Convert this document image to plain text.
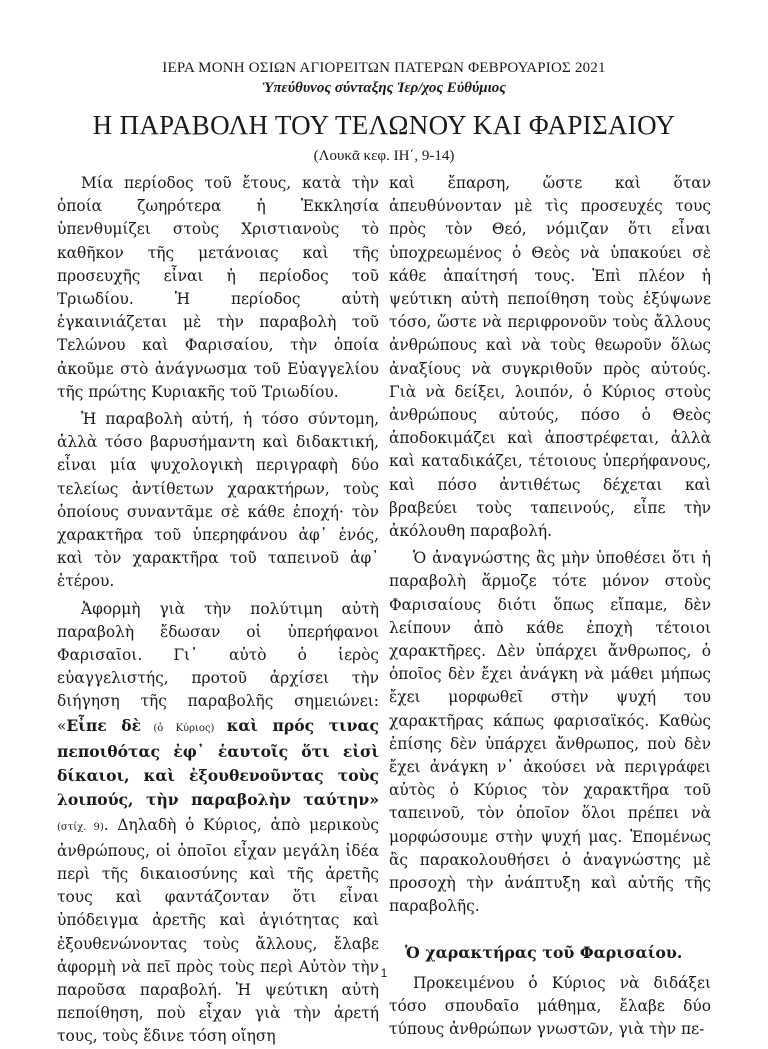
ΙΕΡΑ ΜΟΝΗ ΟΣΙΩΝ ΑΓΙΟΡΕΙΤΩΝ ΠΑΤΕΡΩΝ ΦΕΒΡΟΥΑΡΙΟΣ 2021
Ὑπεύθυνος σύνταξης Ἱερ/χος Εὐθύμιος
Η ΠΑΡΑΒΟΛΗ ΤΟΥ ΤΕΛΩΝΟΥ ΚΑΙ ΦΑΡΙΣΑΙΟΥ
(Λουκᾶ κεφ. ΙΗ΄, 9-14)

Μία περίοδος τοῦ ἔτους, κατὰ τὴν ὁποία ζωηρότερα ἡ Ἐκκλησία ὑπενθυμίζει στοὺς Χριστιανοὺς τὸ καθῆκον τῆς μετάνοιας καὶ τῆς προσευχῆς εἶναι ἡ περίοδος τοῦ Τριωδίου. Ἡ περίοδος αὐτὴ ἐγκαινιάζεται μὲ τὴν παραβολὴ τοῦ Τελώνου καὶ Φαρισαίου, τὴν ὁποία ἀκοῦμε στὸ ἀνάγνωσμα τοῦ Εὐαγγελίου τῆς πρώτης Κυριακῆς τοῦ Τριωδίου.

Ἡ παραβολὴ αὐτή, ἡ τόσο σύντομη, ἀλλὰ τόσο βαρυσήμαντη καὶ διδακτική, εἶναι μία ψυχολογικὴ περιγραφὴ δύο τελείως ἀντίθετων χαρακτήρων, τοὺς ὁποίους συναντᾶμε σὲ κάθε ἐποχή· τὸν χαρακτῆρα τοῦ ὑπερηφάνου ἀφ᾽ ἑνός, καὶ τὸν χαρακτῆρα τοῦ ταπεινοῦ ἀφ᾽ ἑτέρου.

Ἀφορμὴ γιὰ τὴν πολύτιμη αὐτὴ παραβολὴ ἔδωσαν οἱ ὑπερήφανοι Φαρισαῖοι. Γι᾽ αὐτὸ ὁ ἱερὸς εὐαγγελιστής, προτοῦ ἀρχίσει τὴν διήγηση τῆς παραβολῆς σημειώνει: «Εἶπε δὲ (ὁ Κύριος) καὶ πρός τινας πεποιθότας ἐφ᾽ ἑαυτοῖς ὅτι εἰσὶ δίκαιοι, καὶ ἐξουθενοῦντας τοὺς λοιπούς, τὴν παραβολὴν ταύτην» (στίχ. 9). Δηλαδὴ ὁ Κύριος, ἀπὸ μερικοὺς ἀνθρώπους, οἱ ὁποῖοι εἶχαν μεγάλη ἰδέα περὶ τῆς δικαιοσύνης καὶ τῆς ἀρετῆς τους καὶ φαντάζονταν ὅτι εἶναι ὑπόδειγμα ἀρετῆς καὶ ἁγιότητας καὶ ἐξουθενώνοντας τοὺς ἄλλους, ἔλαβε ἀφορμὴ νὰ πεῖ πρὸς τοὺς περὶ Αὐτὸν τὴν παροῦσα παραβολή. Ἡ ψεύτικη αὐτὴ πεποίθηση, ποὺ εἶχαν γιὰ τὴν ἀρετή τους, τοὺς ἔδινε τόση οἴηση

καὶ ἔπαρση, ὥστε καὶ ὅταν ἀπευθύνονταν μὲ τὶς προσευχές τους πρὸς τὸν Θεό, νόμιζαν ὅτι εἶναι ὑποχρεωμένος ὁ Θεὸς νὰ ὑπακούει σὲ κάθε ἀπαίτησή τους. Ἐπὶ πλέον ἡ ψεύτικη αὐτὴ πεποίθηση τοὺς ἐξύψωνε τόσο, ὥστε νὰ περιφρονοῦν τοὺς ἄλλους ἀνθρώπους καὶ νὰ τοὺς θεωροῦν ὅλως ἀναξίους νὰ συγκριθοῦν πρὸς αὐτούς. Γιὰ νὰ δείξει, λοιπόν, ὁ Κύριος στοὺς ἀνθρώπους αὐτούς, πόσο ὁ Θεὸς ἀποδοκιμάζει καὶ ἀποστρέφεται, ἀλλὰ καὶ καταδικάζει, τέτοιους ὑπερήφανους, καὶ πόσο ἀντιθέτως δέχεται καὶ βραβεύει τοὺς ταπεινούς, εἶπε τὴν ἀκόλουθη παραβολή.

Ὁ ἀναγνώστης ἂς μὴν ὑποθέσει ὅτι ἡ παραβολὴ ἅρμοζε τότε μόνον στοὺς Φαρισαίους διότι ὅπως εἴπαμε, δὲν λείπουν ἀπὸ κάθε ἐποχὴ τέτοιοι χαρακτῆρες. Δὲν ὑπάρχει ἄνθρωπος, ὁ ὁποῖος δὲν ἔχει ἀνάγκη νὰ μάθει μήπως ἔχει μορφωθεῖ στὴν ψυχή του χαρακτῆρας κάπως φαρισαϊκός. Καθὼς ἐπίσης δὲν ὑπάρχει ἄνθρωπος, ποὺ δὲν ἔχει ἀνάγκη ν᾽ ἀκούσει νὰ περιγράφει αὐτὸς ὁ Κύριος τὸν χαρακτῆρα τοῦ ταπεινοῦ, τὸν ὁποῖον ὅλοι πρέπει νὰ μορφώσουμε στὴν ψυχή μας. Ἐπομένως ἂς παρακολουθήσει ὁ ἀναγνώστης μὲ προσοχὴ τὴν ἀνάπτυξη καὶ αὐτῆς τῆς παραβολῆς.

Ὁ χαρακτήρας τοῦ Φαρισαίου.

Προκειμένου ὁ Κύριος νὰ διδάξει τόσο σπουδαῖο μάθημα, ἔλαβε δύο τύπους ἀνθρώπων γνωστῶν, γιὰ τὴν πε-

1
